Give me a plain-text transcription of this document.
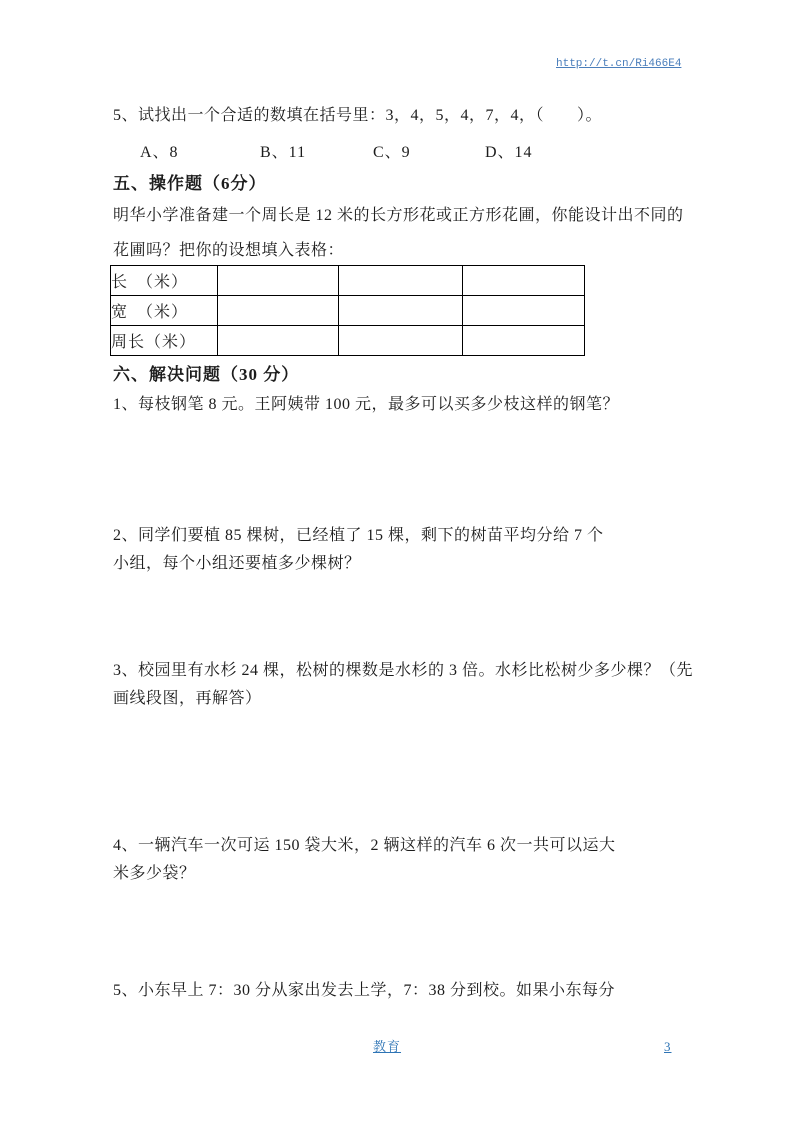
http://t.cn/Ri466E4
5、试找出一个合适的数填在括号里：3，4，5，4，7，4，（　　）。
A、8	B、11	C、9	D、14
五、操作题（6分）
明华小学准备建一个周长是 12 米的长方形花或正方形花圃，你能设计出不同的
花圃吗？把你的设想填入表格：
长　（米）			
宽　（米）			
周长（米）			
六、解决问题（30 分）
1、每枝钢笔 8 元。王阿姨带 100 元，最多可以买多少枝这样的钢笔？
2、同学们要植 85 棵树，已经植了 15 棵，剩下的树苗平均分给 7 个
小组，每个小组还要植多少棵树？
3、校园里有水杉 24 棵，松树的棵数是水杉的 3 倍。水杉比松树少多少棵？（先
画线段图，再解答）
4、一辆汽车一次可运 150 袋大米，2 辆这样的汽车 6 次一共可以运大
米多少袋？
5、小东早上 7：30 分从家出发去上学，7：38 分到校。如果小东每分
教育	3
